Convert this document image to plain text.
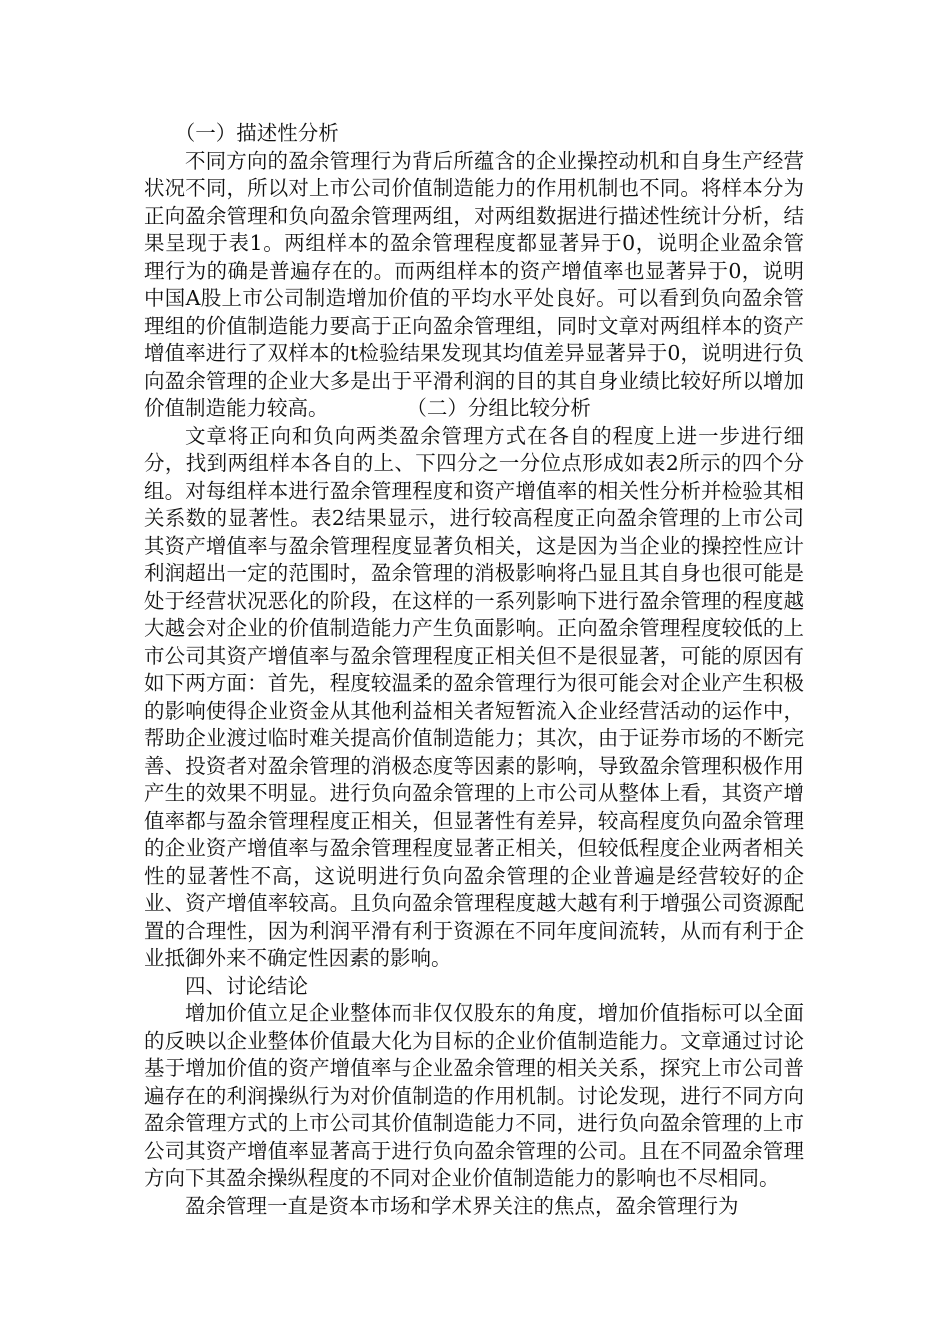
（一）描述性分析

不同方向的盈余管理行为背后所蕴含的企业操控动机和自身生产经营状况不同，所以对上市公司价值制造能力的作用机制也不同。将样本分为正向盈余管理和负向盈余管理两组，对两组数据进行描述性统计分析，结果呈现于表1。两组样本的盈余管理程度都显著异于0，说明企业盈余管理行为的确是普遍存在的。而两组样本的资产增值率也显著异于0，说明中国A股上市公司制造增加价值的平均水平处良好。可以看到负向盈余管理组的价值制造能力要高于正向盈余管理组，同时文章对两组样本的资产增值率进行了双样本的t检验结果发现其均值差异显著异于0，说明进行负向盈余管理的企业大多是出于平滑利润的目的其自身业绩比较好所以增加价值制造能力较高。	（二）分组比较分析

文章将正向和负向两类盈余管理方式在各自的程度上进一步进行细分，找到两组样本各自的上、下四分之一分位点形成如表2所示的四个分组。对每组样本进行盈余管理程度和资产增值率的相关性分析并检验其相关系数的显著性。表2结果显示，进行较高程度正向盈余管理的上市公司其资产增值率与盈余管理程度显著负相关，这是因为当企业的操控性应计利润超出一定的范围时，盈余管理的消极影响将凸显且其自身也很可能是处于经营状况恶化的阶段，在这样的一系列影响下进行盈余管理的程度越大越会对企业的价值制造能力产生负面影响。正向盈余管理程度较低的上市公司其资产增值率与盈余管理程度正相关但不是很显著，可能的原因有如下两方面：首先，程度较温柔的盈余管理行为很可能会对企业产生积极的影响使得企业资金从其他利益相关者短暂流入企业经营活动的运作中，帮助企业渡过临时难关提高价值制造能力；其次，由于证券市场的不断完善、投资者对盈余管理的消极态度等因素的影响，导致盈余管理积极作用产生的效果不明显。进行负向盈余管理的上市公司从整体上看，其资产增值率都与盈余管理程度正相关，但显著性有差异，较高程度负向盈余管理的企业资产增值率与盈余管理程度显著正相关，但较低程度企业两者相关性的显著性不高，这说明进行负向盈余管理的企业普遍是经营较好的企业、资产增值率较高。且负向盈余管理程度越大越有利于增强公司资源配置的合理性，因为利润平滑有利于资源在不同年度间流转，从而有利于企业抵御外来不确定性因素的影响。

四、讨论结论

增加价值立足企业整体而非仅仅股东的角度，增加价值指标可以全面的反映以企业整体价值最大化为目标的企业价值制造能力。文章通过讨论基于增加价值的资产增值率与企业盈余管理的相关关系，探究上市公司普遍存在的利润操纵行为对价值制造的作用机制。讨论发现，进行不同方向盈余管理方式的上市公司其价值制造能力不同，进行负向盈余管理的上市公司其资产增值率显著高于进行负向盈余管理的公司。且在不同盈余管理方向下其盈余操纵程度的不同对企业价值制造能力的影响也不尽相同。

盈余管理一直是资本市场和学术界关注的焦点，盈余管理行为
